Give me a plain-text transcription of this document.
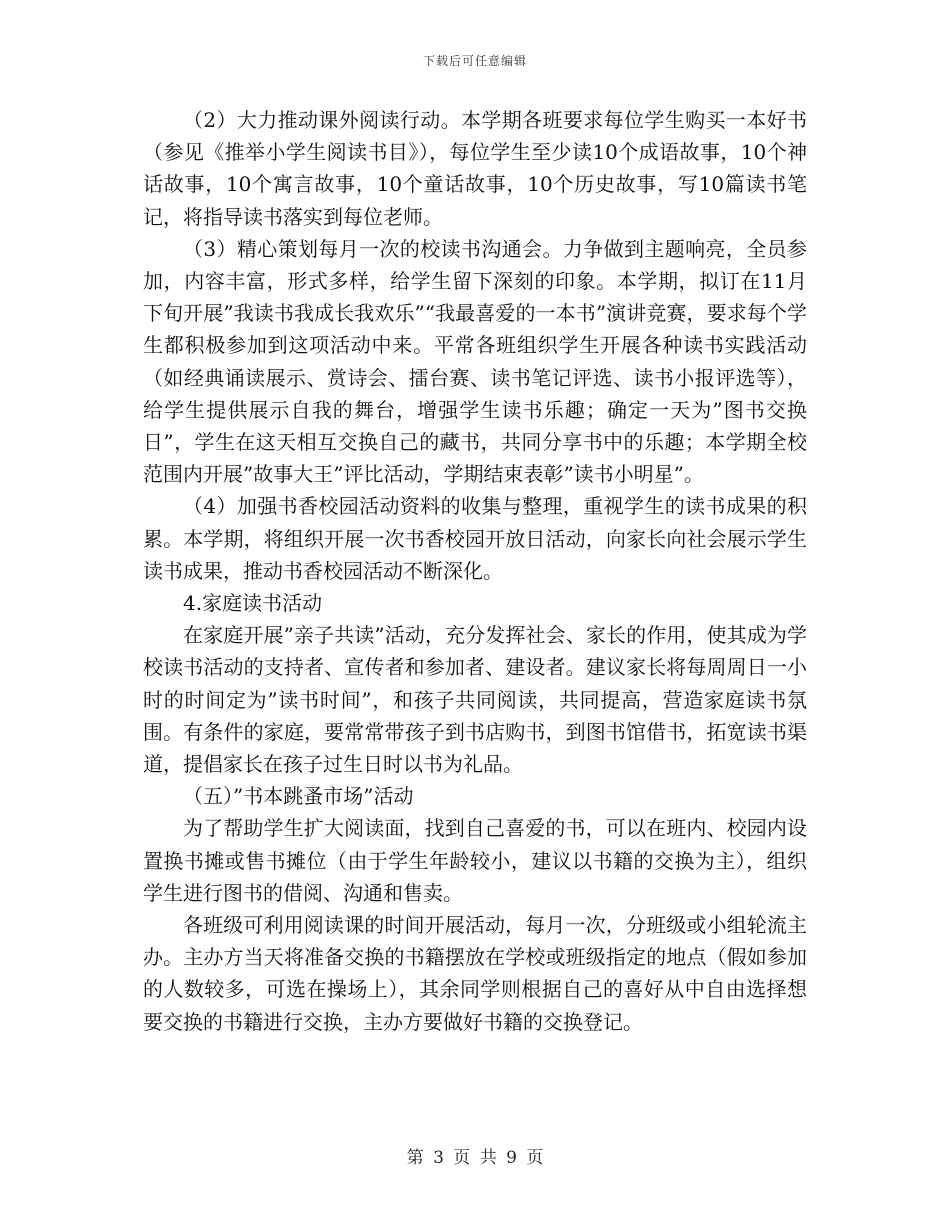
下载后可任意编辑

（2）大力推动课外阅读行动。本学期各班要求每位学生购买一本好书（参见《推举小学生阅读书目》），每位学生至少读10个成语故事，10个神话故事，10个寓言故事，10个童话故事，10个历史故事，写10篇读书笔记，将指导读书落实到每位老师。

（3）精心策划每月一次的校读书沟通会。力争做到主题响亮，全员参加，内容丰富，形式多样，给学生留下深刻的印象。本学期，拟订在11月下旬开展”我读书我成长我欢乐”“我最喜爱的一本书”演讲竞赛，要求每个学生都积极参加到这项活动中来。平常各班组织学生开展各种读书实践活动（如经典诵读展示、赏诗会、擂台赛、读书笔记评选、读书小报评选等），给学生提供展示自我的舞台，增强学生读书乐趣；确定一天为”图书交换日”，学生在这天相互交换自己的藏书，共同分享书中的乐趣；本学期全校范围内开展”故事大王”评比活动，学期结束表彰”读书小明星”。

（4）加强书香校园活动资料的收集与整理，重视学生的读书成果的积累。本学期，将组织开展一次书香校园开放日活动，向家长向社会展示学生读书成果，推动书香校园活动不断深化。

4.家庭读书活动

在家庭开展”亲子共读”活动，充分发挥社会、家长的作用，使其成为学校读书活动的支持者、宣传者和参加者、建设者。建议家长将每周周日一小时的时间定为”读书时间”，和孩子共同阅读，共同提高，营造家庭读书氛围。有条件的家庭，要常常带孩子到书店购书，到图书馆借书，拓宽读书渠道，提倡家长在孩子过生日时以书为礼品。

（五）”书本跳蚤市场”活动

为了帮助学生扩大阅读面，找到自己喜爱的书，可以在班内、校园内设置换书摊或售书摊位（由于学生年龄较小，建议以书籍的交换为主），组织学生进行图书的借阅、沟通和售卖。

各班级可利用阅读课的时间开展活动，每月一次，分班级或小组轮流主办。主办方当天将准备交换的书籍摆放在学校或班级指定的地点（假如参加的人数较多，可选在操场上），其余同学则根据自己的喜好从中自由选择想要交换的书籍进行交换，主办方要做好书籍的交换登记。

第 3 页 共 9 页
